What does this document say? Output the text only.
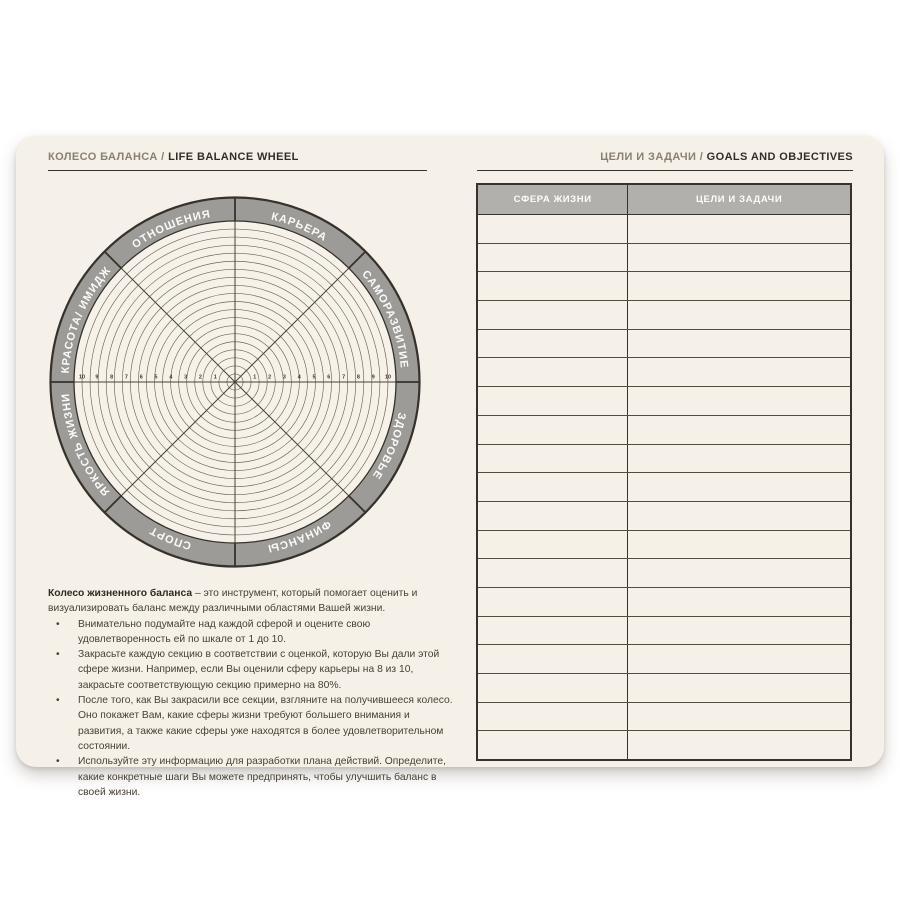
КОЛЕСО БАЛАНСА / LIFE BALANCE WHEEL	ЦЕЛИ И ЗАДАЧИ / GOALS AND OBJECTIVES
1
1	2
2	3
3	4
4	5
5	6
6	7
7	8
8	9
9	10
10
КАРЬЕРА
САМОРАЗВИТИЕ
ЗДОРОВЬЕ
ФИНАНСЫ
СПОРТ
ЯРКОСТЬ ЖИЗНИ
КРАСОТА/ ИМИДЖ
ОТНОШЕНИЯ

Колесо жизненного баланса – это инструмент, который помогает оценить и визуализировать баланс между различными областями Вашей жизни.

• Внимательно подумайте над каждой сферой и оцените свою удовлетворенность ей по шкале от 1 до 10.
• Закрасьте каждую секцию в соответствии с оценкой, которую Вы дали этой сфере жизни. Например, если Вы оценили сферу карьеры на 8 из 10, закрасьте соответствующую секцию примерно на 80%.
• После того, как Вы закрасили все секции, взгляните на получившееся колесо. Оно покажет Вам, какие сферы жизни требуют большего внимания и развития, а также какие сферы уже находятся в более удовлетворительном состоянии.
• Используйте эту информацию для разработки плана действий. Определите, какие конкретные шаги Вы можете предпринять, чтобы улучшить баланс в своей жизни.
СФЕРА ЖИЗНИ	ЦЕЛИ И ЗАДАЧИ
